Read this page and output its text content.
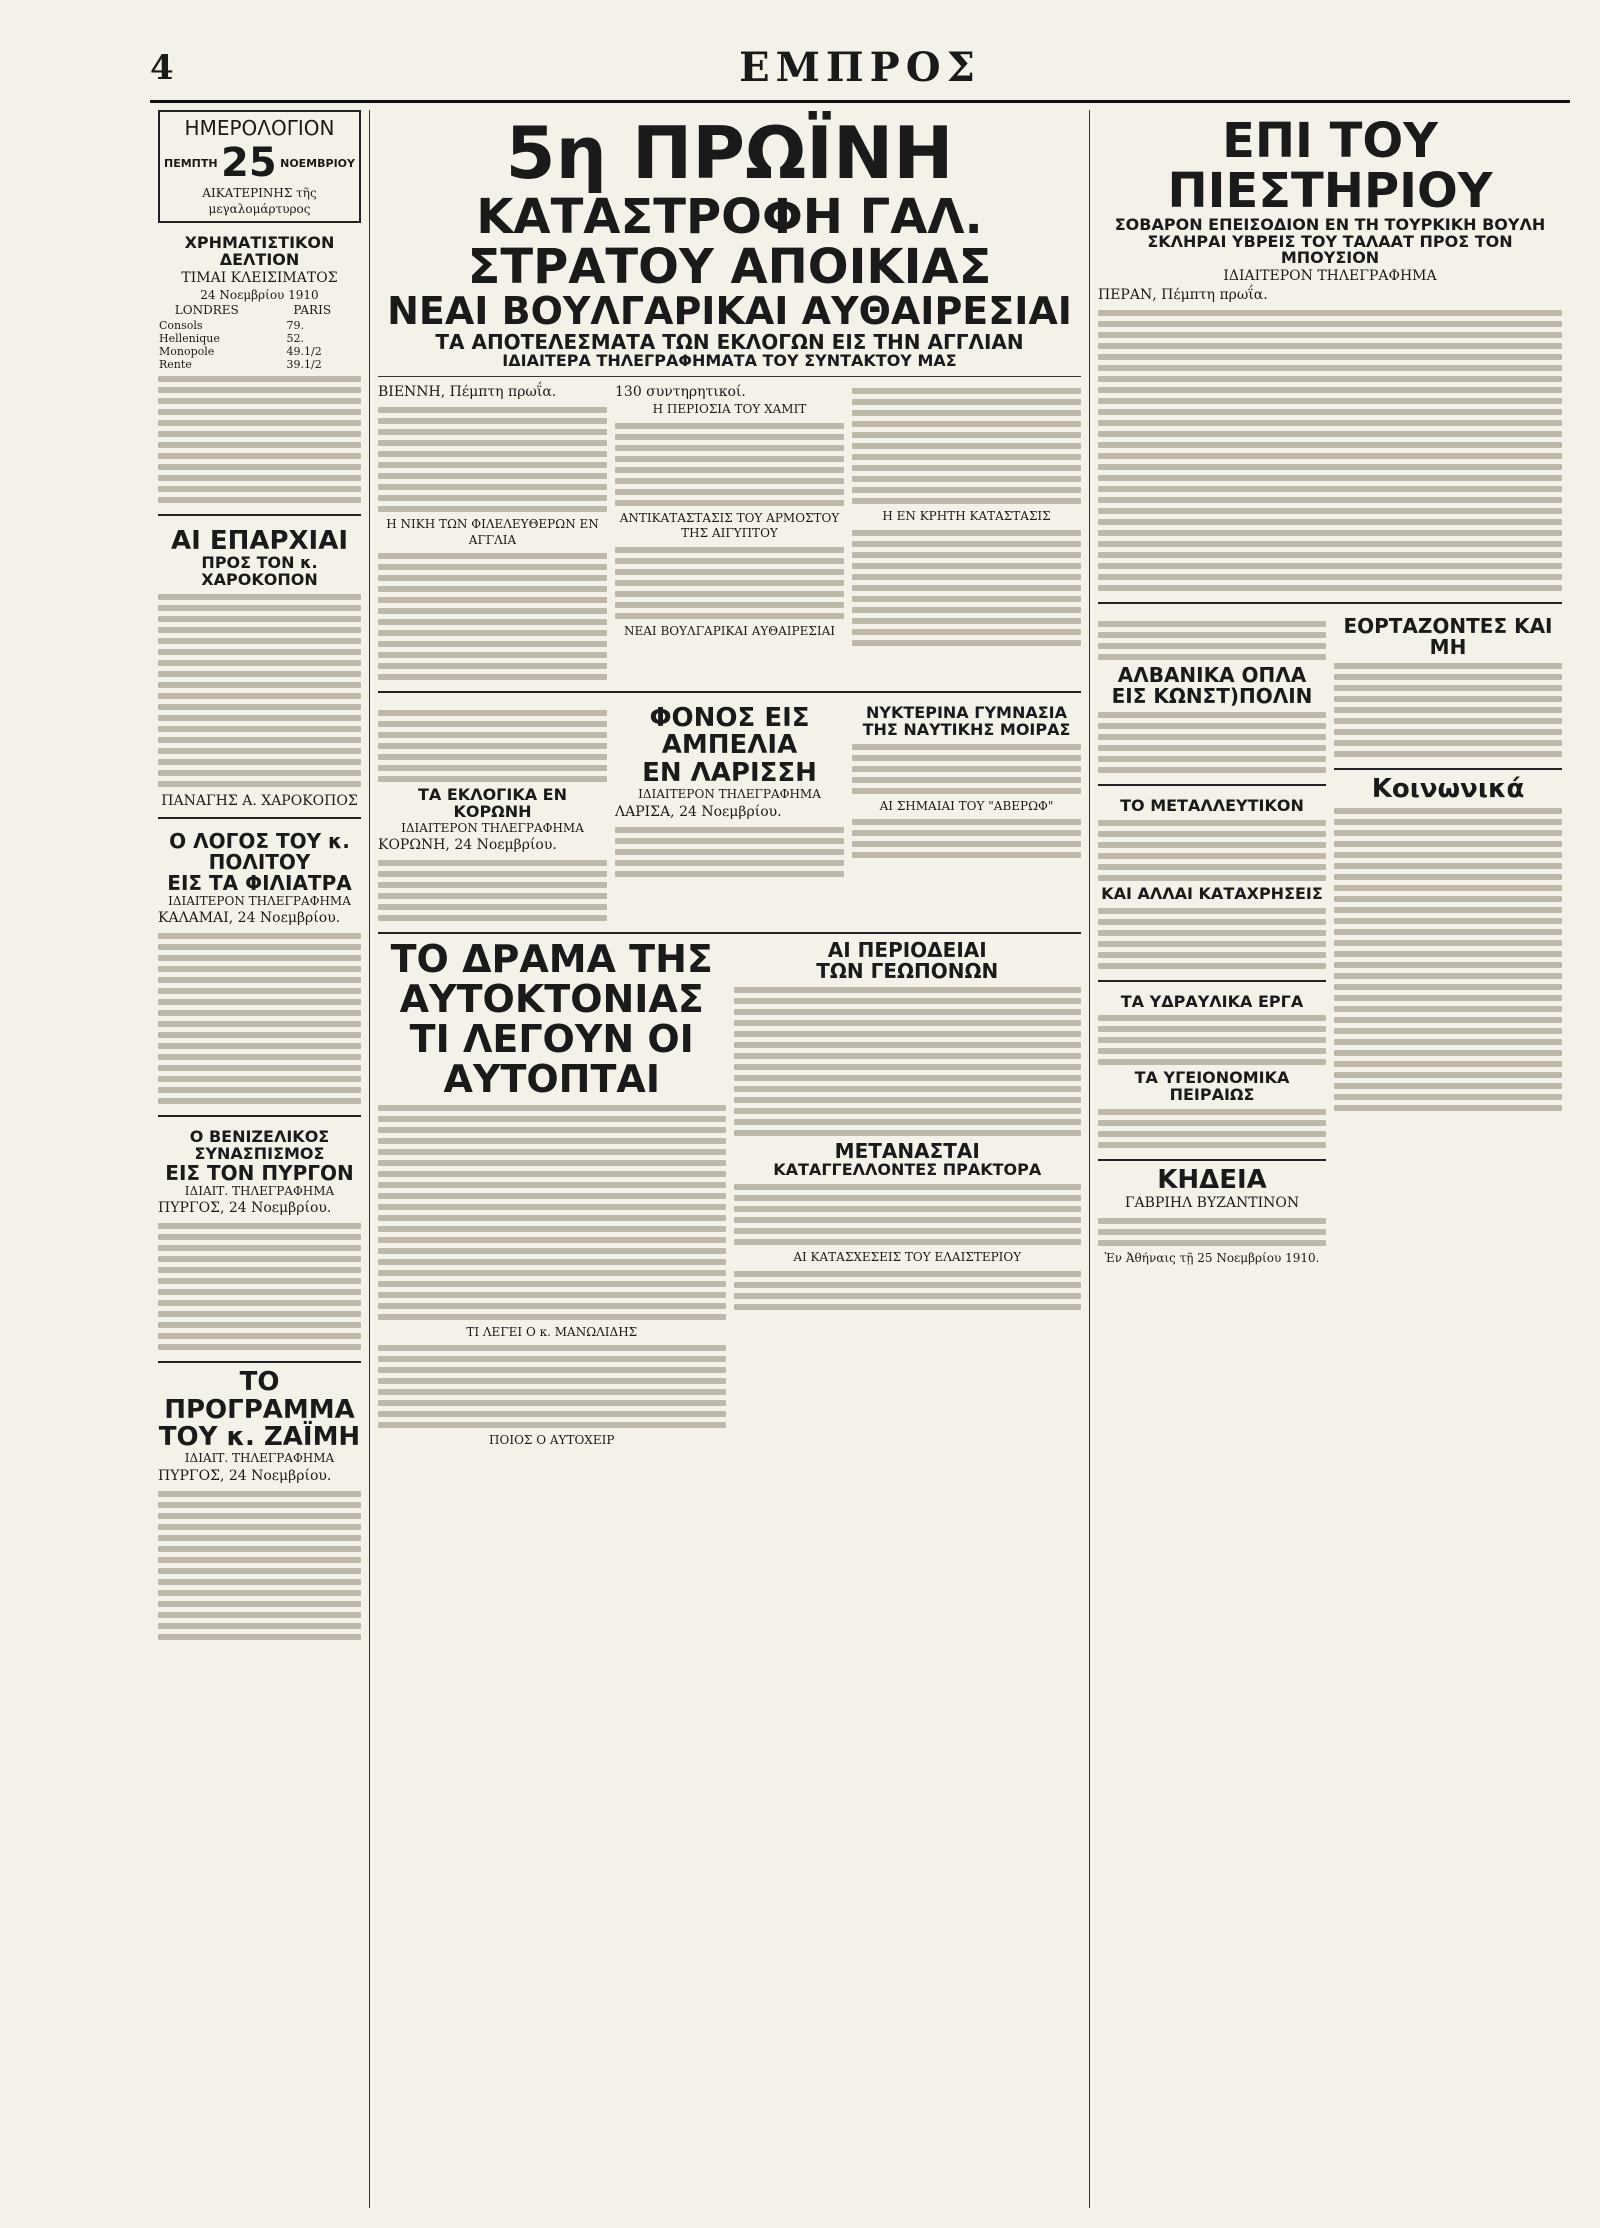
4	ΕΜΠΡΟΣ
ΗΜΕΡΟΛΟΓΙΟΝ
ΠΕΜΠΤΗ 25 ΝΟΕΜΒΡΙΟΥ
ΑΙΚΑΤΕΡΙΝΗΣ τῆς μεγαλομάρτυρος
ΧΡΗΜΑΤΙΣΤΙΚΟΝ ΔΕΛΤΙΟΝ
ΤΙΜΑΙ ΚΛΕΙΣΙΜΑΤΟΣ
24 Νοεμβρίου 1910
LONDRES	PARIS
Consols	79.
Hellenique	52.
Monopole	49.1/2
Rente	39.1/2
ΑΙ ΕΠΑΡΧΙΑΙ
ΠΡΟΣ ΤΟΝ κ. ΧΑΡΟΚΟΠΟΝ
ΠΑΝΑΓΗΣ Α. ΧΑΡΟΚΟΠΟΣ
Ο ΛΟΓΟΣ ΤΟΥ κ. ΠΟΛΙΤΟΥ
ΕΙΣ ΤΑ ΦΙΛΙΑΤΡΑ
ΙΔΙΑΙΤΕΡΟΝ ΤΗΛΕΓΡΑΦΗΜΑ
ΚΑΛΑΜΑΙ, 24 Νοεμβρίου.
Ο ΒΕΝΙΖΕΛΙΚΟΣ ΣΥΝΑΣΠΙΣΜΟΣ
ΕΙΣ ΤΟΝ ΠΥΡΓΟΝ
ΙΔΙΑΙΤ. ΤΗΛΕΓΡΑΦΗΜΑ
ΠΥΡΓΟΣ, 24 Νοεμβρίου.
ΤΟ ΠΡΟΓΡΑΜΜΑ
ΤΟΥ κ. ΖΑΪΜΗ
ΙΔΙΑΙΤ. ΤΗΛΕΓΡΑΦΗΜΑ
ΠΥΡΓΟΣ, 24 Νοεμβρίου.
5η ΠΡΩΪΝΗ
ΚΑΤΑΣΤΡΟΦΗ ΓΑΛ. ΣΤΡΑΤΟΥ ΑΠΟΙΚΙΑΣ
ΝΕΑΙ ΒΟΥΛΓΑΡΙΚΑΙ ΑΥΘΑΙΡΕΣΙΑΙ
ΤΑ ΑΠΟΤΕΛΕΣΜΑΤΑ ΤΩΝ ΕΚΛΟΓΩΝ ΕΙΣ ΤΗΝ ΑΓΓΛΙΑΝ
ΙΔΙΑΙΤΕΡΑ ΤΗΛΕΓΡΑΦΗΜΑΤΑ ΤΟΥ ΣΥΝΤΑΚΤΟΥ ΜΑΣ
ΒΙΕΝΝΗ, Πέμπτη πρωΐα.
Η ΝΙΚΗ ΤΩΝ ΦΙΛΕΛΕΥΘΕΡΩΝ ΕΝ ΑΓΓΛΙΑ
130 συντηρητικοί.
Η ΠΕΡΙΟΣΙΑ ΤΟΥ ΧΑΜΙΤ
ΑΝΤΙΚΑΤΑΣΤΑΣΙΣ ΤΟΥ ΑΡΜΟΣΤΟΥ ΤΗΣ ΑΙΓΥΠΤΟΥ
ΝΕΑΙ ΒΟΥΛΓΑΡΙΚΑΙ ΑΥΘΑΙΡΕΣΙΑΙ
Η ΕΝ ΚΡΗΤΗ ΚΑΤΑΣΤΑΣΙΣ
ΤΑ ΕΚΛΟΓΙΚΑ ΕΝ ΚΟΡΩΝΗ
ΙΔΙΑΙΤΕΡΟΝ ΤΗΛΕΓΡΑΦΗΜΑ
ΚΟΡΩΝΗ, 24 Νοεμβρίου.
ΦΟΝΟΣ ΕΙΣ ΑΜΠΕΛΙΑ
ΕΝ ΛΑΡΙΣΣΗ
ΙΔΙΑΙΤΕΡΟΝ ΤΗΛΕΓΡΑΦΗΜΑ
ΛΑΡΙΣΑ, 24 Νοεμβρίου.
ΝΥΚΤΕΡΙΝΑ ΓΥΜΝΑΣΙΑ
ΤΗΣ ΝΑΥΤΙΚΗΣ ΜΟΙΡΑΣ
ΑΙ ΣΗΜΑΙΑΙ ΤΟΥ "ΑΒΕΡΩΦ"
ΤΟ ΔΡΑΜΑ ΤΗΣ ΑΥΤΟΚΤΟΝΙΑΣ
ΤΙ ΛΕΓΟΥΝ ΟΙ ΑΥΤΟΠΤΑΙ
ΤΙ ΛΕΓΕΙ Ο κ. ΜΑΝΩΛΙΔΗΣ
ΠΟΙΟΣ Ο ΑΥΤΟΧΕΙΡ
ΑΙ ΠΕΡΙΟΔΕΙΑΙ
ΤΩΝ ΓΕΩΠΟΝΩΝ
ΜΕΤΑΝΑΣΤΑΙ
ΚΑΤΑΓΓΕΛΛΟΝΤΕΣ ΠΡΑΚΤΟΡΑ
ΑΙ ΚΑΤΑΣΧΕΣΕΙΣ ΤΟΥ ΕΛΑΙΣΤΕΡΙΟΥ
ΕΠΙ ΤΟΥ ΠΙΕΣΤΗΡΙΟΥ
ΣΟΒΑΡΟΝ ΕΠΕΙΣΟΔΙΟΝ ΕΝ ΤΗ ΤΟΥΡΚΙΚΗ ΒΟΥΛΗ
ΣΚΛΗΡΑΙ ΥΒΡΕΙΣ ΤΟΥ ΤΑΛΑΑΤ ΠΡΟΣ ΤΟΝ ΜΠΟΥΣΙΟΝ
ΙΔΙΑΙΤΕΡΟΝ ΤΗΛΕΓΡΑΦΗΜΑ
ΠΕΡΑΝ, Πέμπτη πρωΐα.
ΑΛΒΑΝΙΚΑ ΟΠΛΑ
ΕΙΣ ΚΩΝΣΤ)ΠΟΛΙΝ
ΤΟ ΜΕΤΑΛΛΕΥΤΙΚΟΝ
ΚΑΙ ΑΛΛΑΙ ΚΑΤΑΧΡΗΣΕΙΣ
ΤΑ ΥΔΡΑΥΛΙΚΑ ΕΡΓΑ
ΤΑ ΥΓΕΙΟΝΟΜΙΚΑ ΠΕΙΡΑΙΩΣ
ΚΗΔΕΙΑ
ΓΑΒΡΙΗΛ ΒΥΖΑΝΤΙΝΟΝ
Ἐν Ἀθήναις τῇ 25 Νοεμβρίου 1910.
ΕΟΡΤΑΖΟΝΤΕΣ ΚΑΙ ΜΗ
Κοινωνικά
